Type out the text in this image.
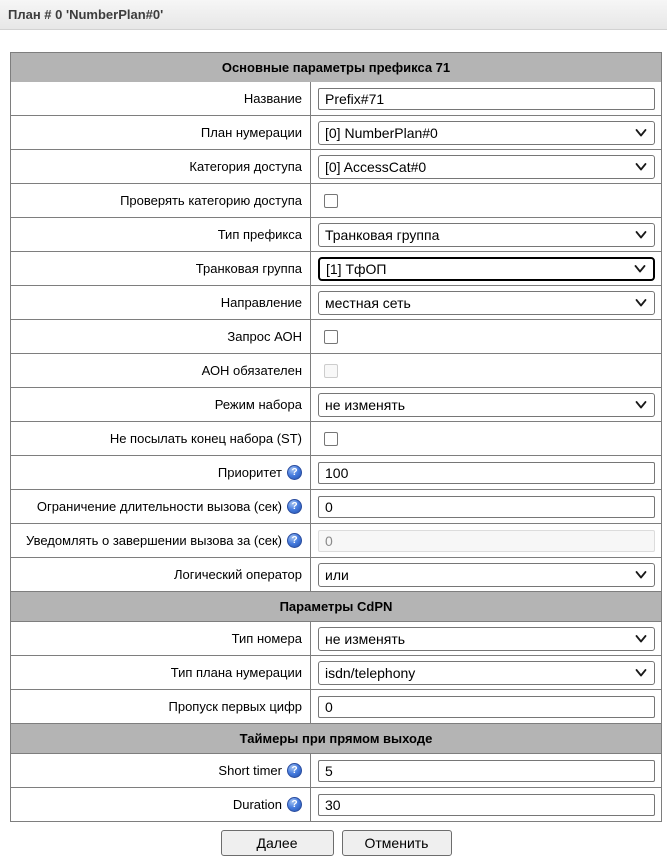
План # 0 'NumberPlan#0'
Основные параметры префикса 71
Название
Prefix#71
План нумерации [0] NumberPlan#0
Категория доступа [0] AccessCat#0
Проверять категорию доступа
Тип префикса Транковая группа
Транковая группа [1] ТфОП
Направление местная сеть
Запрос АОН
АОН обязателен
Режим набора не изменять
Не посылать конец набора (ST)
Приоритет ?
100
Ограничение длительности вызова (сек) ?
0
Уведомлять о завершении вызова за (сек) ?
0
Логический оператор или
Параметры CdPN
Тип номера не изменять
Тип плана нумерации isdn/telephony
Пропуск первых цифр
0
Таймеры при прямом выходе
Short timer ?
5
Duration ?
30
Далее	Отменить
